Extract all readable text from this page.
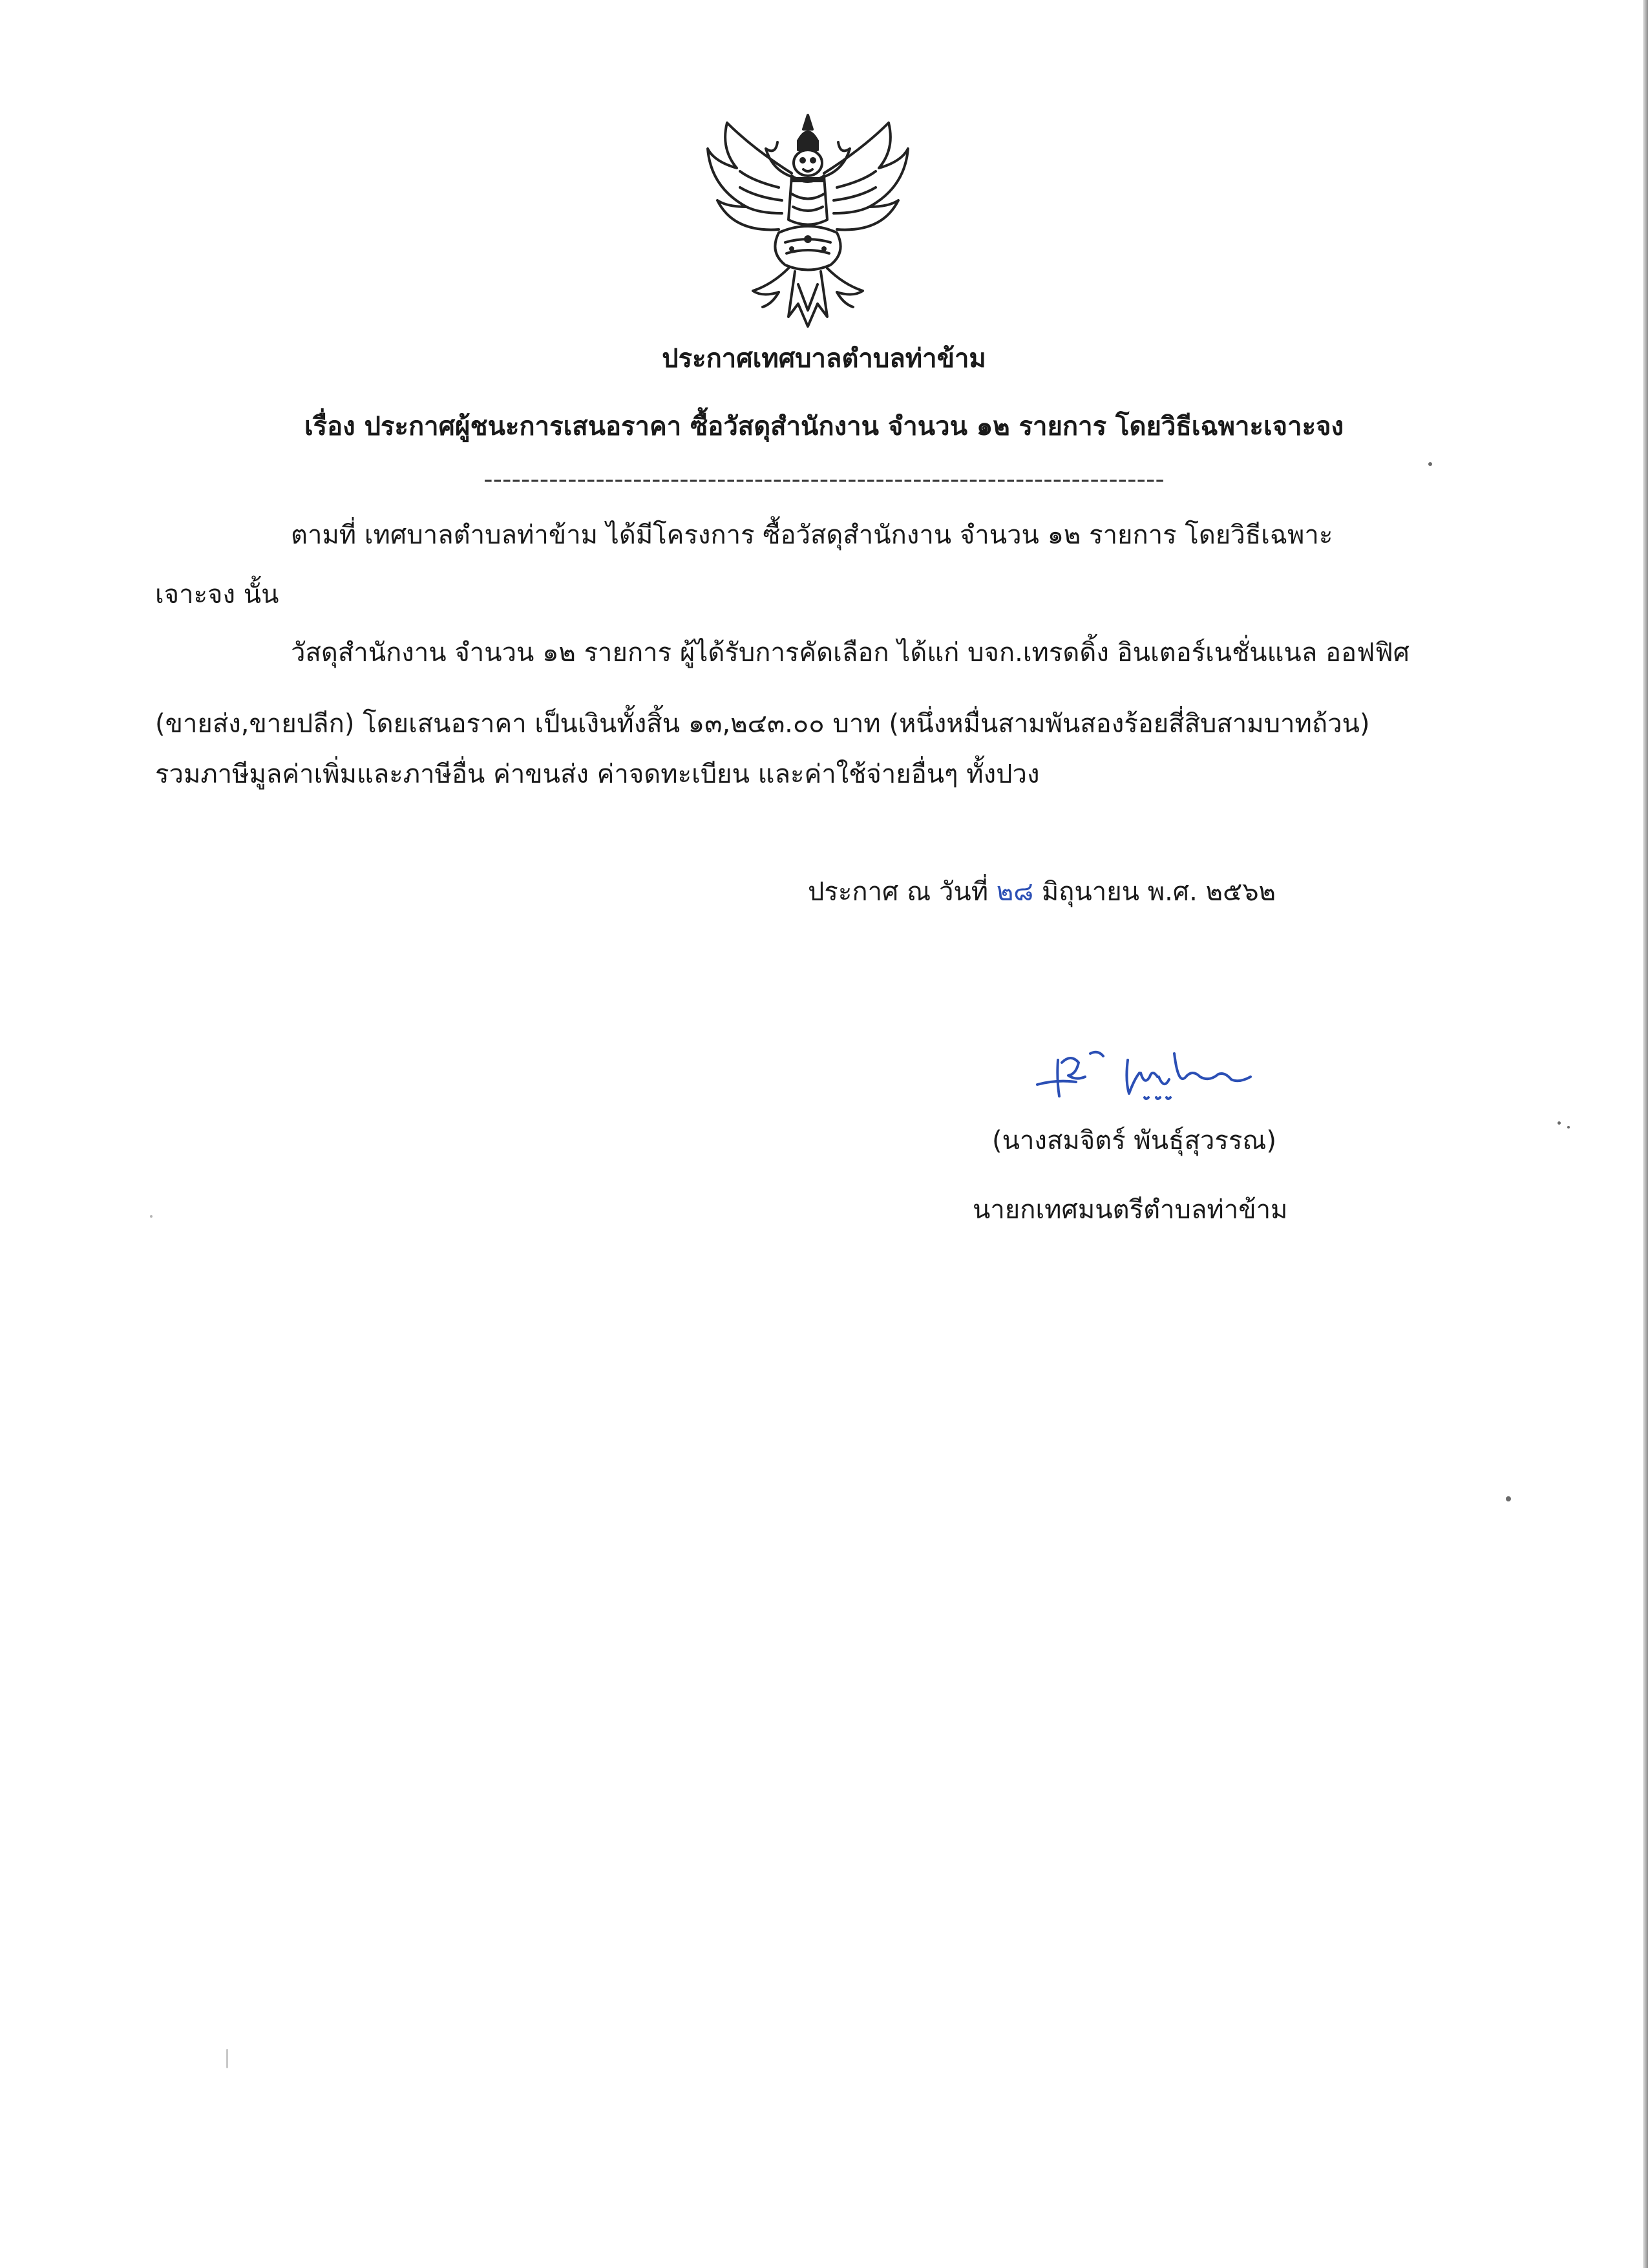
ประกาศเทศบาลตำบลท่าข้าม

เรื่อง ประกาศผู้ชนะการเสนอราคา ซื้อวัสดุสำนักงาน จำนวน ๑๒ รายการ โดยวิธีเฉพาะเจาะจง

-------------------------------------------------------------------------

ตามที่ เทศบาลตำบลท่าข้าม ได้มีโครงการ ซื้อวัสดุสำนักงาน จำนวน ๑๒ รายการ โดยวิธีเฉพาะ

เจาะจง นั้น

วัสดุสำนักงาน จำนวน ๑๒ รายการ ผู้ได้รับการคัดเลือก ได้แก่ บจก.เทรดดิ้ง อินเตอร์เนชั่นแนล ออฟฟิศ

(ขายส่ง,ขายปลีก) โดยเสนอราคา เป็นเงินทั้งสิ้น ๑๓,๒๔๓.๐๐ บาท (หนึ่งหมื่นสามพันสองร้อยสี่สิบสามบาทถ้วน)

รวมภาษีมูลค่าเพิ่มและภาษีอื่น ค่าขนส่ง ค่าจดทะเบียน และค่าใช้จ่ายอื่นๆ ทั้งปวง

ประกาศ ณ วันที่ ๒๘ มิถุนายน พ.ศ. ๒๕๖๒

(นางสมจิตร์ พันธุ์สุวรรณ)

นายกเทศมนตรีตำบลท่าข้าม
